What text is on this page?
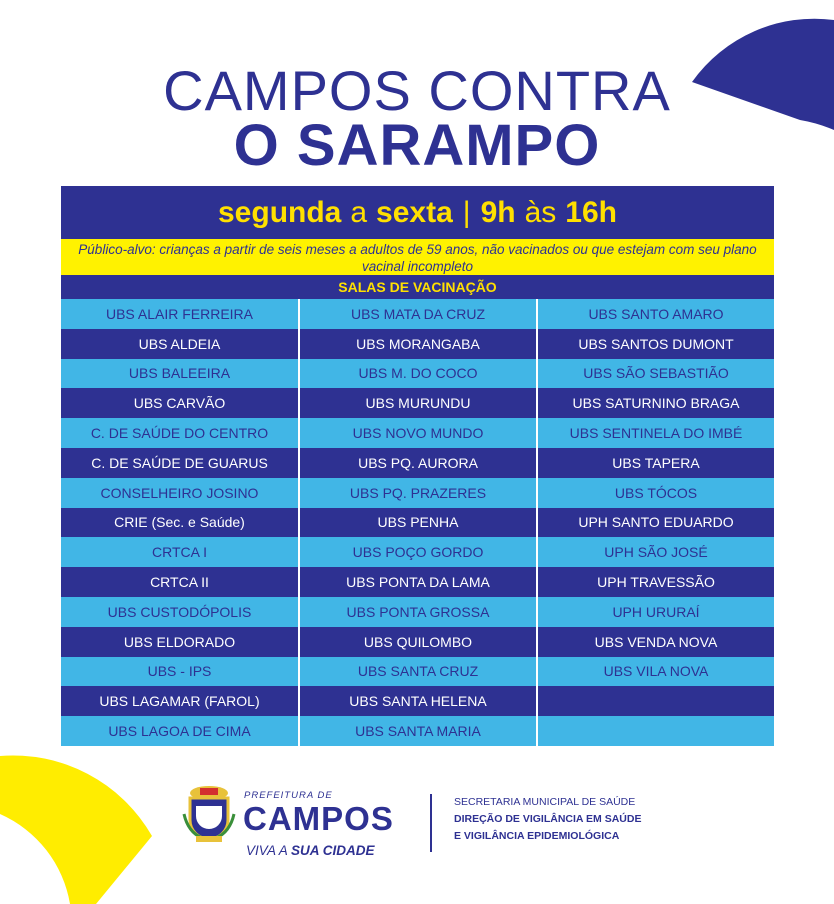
CAMPOS CONTRA
O SARAMPO
segunda a sexta | 9h às 16h
Público-alvo: crianças a partir de seis meses a adultos de 59 anos, não vacinados ou que estejam com seu plano vacinal incompleto
SALAS DE VACINAÇÃO
UBS ALAIR FERREIRA
UBS ALDEIA
UBS BALEEIRA
UBS CARVÃO
C. DE SAÚDE DO CENTRO
C. DE SAÚDE DE GUARUS
CONSELHEIRO JOSINO
CRIE (Sec. e Saúde)
CRTCA I
CRTCA II
UBS CUSTODÓPOLIS
UBS ELDORADO
UBS - IPS
UBS LAGAMAR (FAROL)
UBS LAGOA DE CIMA
UBS MATA DA CRUZ
UBS MORANGABA
UBS M. DO COCO
UBS MURUNDU
UBS NOVO MUNDO
UBS PQ. AURORA
UBS PQ. PRAZERES
UBS PENHA
UBS POÇO GORDO
UBS PONTA DA LAMA
UBS PONTA GROSSA
UBS QUILOMBO
UBS SANTA CRUZ
UBS SANTA HELENA
UBS SANTA MARIA
UBS SANTO AMARO
UBS SANTOS DUMONT
UBS SÃO SEBASTIÃO
UBS SATURNINO BRAGA
UBS SENTINELA DO IMBÉ
UBS TAPERA
UBS TÓCOS
UPH SANTO EDUARDO
UPH SÃO JOSÉ
UPH TRAVESSÃO
UPH URURAÍ
UBS VENDA NOVA
UBS VILA NOVA
PREFEITURA DE
CAMPOS
VIVA A SUA CIDADE
SECRETARIA MUNICIPAL DE SAÚDE
DIREÇÃO DE VIGILÂNCIA EM SAÚDE
E VIGILÂNCIA EPIDEMIOLÓGICA
